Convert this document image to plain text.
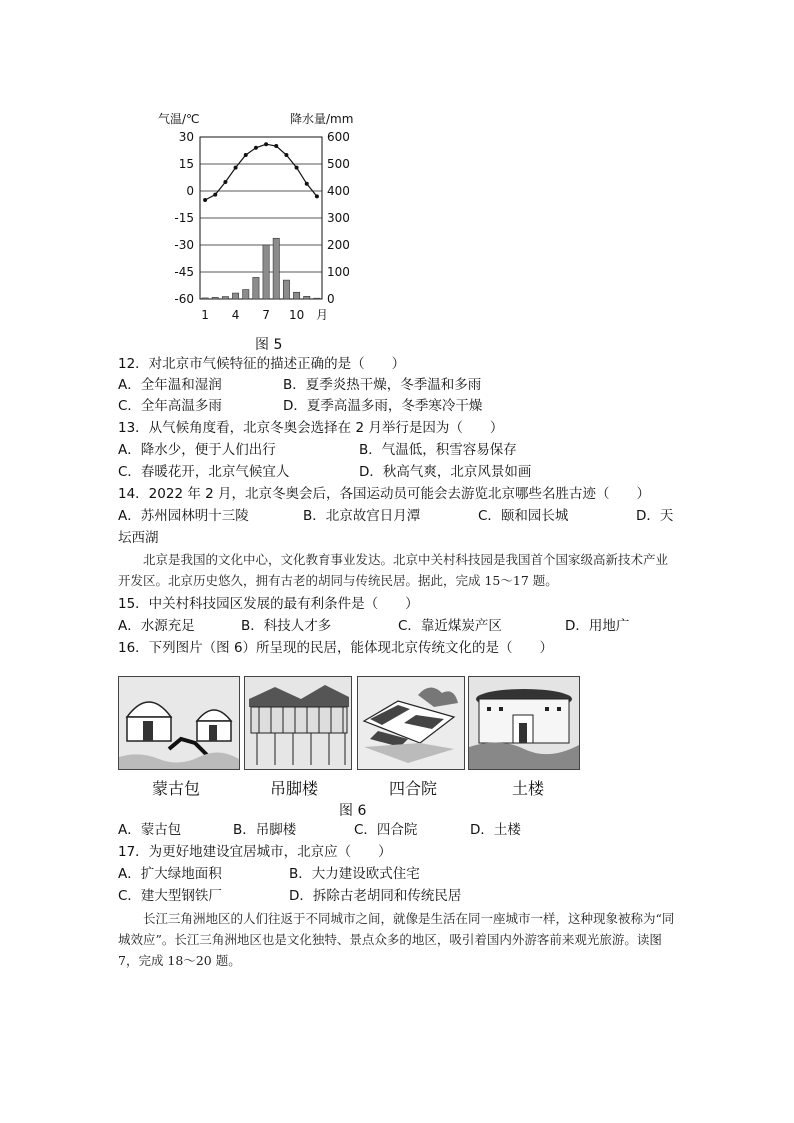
气温/℃	降水量/mm
30	600
15	500
0	400
-15	300
-30	200
-45	100
-60	0
1 4 7 10 月
图 5
12．对北京市气候特征的描述正确的是（　　）
A．全年温和湿润	B．夏季炎热干燥，冬季温和多雨
C．全年高温多雨	D．夏季高温多雨，冬季寒冷干燥
13．从气候角度看，北京冬奥会选择在 2 月举行是因为（　　）
A．降水少，便于人们出行	B．气温低，积雪容易保存
C．春暖花开，北京气候宜人	D．秋高气爽，北京风景如画
14．2022 年 2 月，北京冬奥会后，各国运动员可能会去游览北京哪些名胜古迹（　　）
A．苏州园林明十三陵	B．北京故宫日月潭	C．颐和园长城	D．天
坛西湖
北京是我国的文化中心，文化教育事业发达。北京中关村科技园是我国首个国家级高新技术产业开发区。北京历史悠久，拥有古老的胡同与传统民居。据此，完成 15～17 题。
15．中关村科技园区发展的最有利条件是（　　）
A．水源充足	B．科技人才多	C．靠近煤炭产区	D．用地广
16．下列图片（图 6）所呈现的民居，能体现北京传统文化的是（　　）
蒙古包	吊脚楼	四合院	土楼
图 6
A．蒙古包	B．吊脚楼	C．四合院	D．土楼
17．为更好地建设宜居城市，北京应（　　）
A．扩大绿地面积	B．大力建设欧式住宅
C．建大型钢铁厂	D．拆除古老胡同和传统民居
长江三角洲地区的人们往返于不同城市之间，就像是生活在同一座城市一样，这种现象被称为“同城效应”。长江三角洲地区也是文化独特、景点众多的地区，吸引着国内外游客前来观光旅游。读图 7，完成 18～20 题。
